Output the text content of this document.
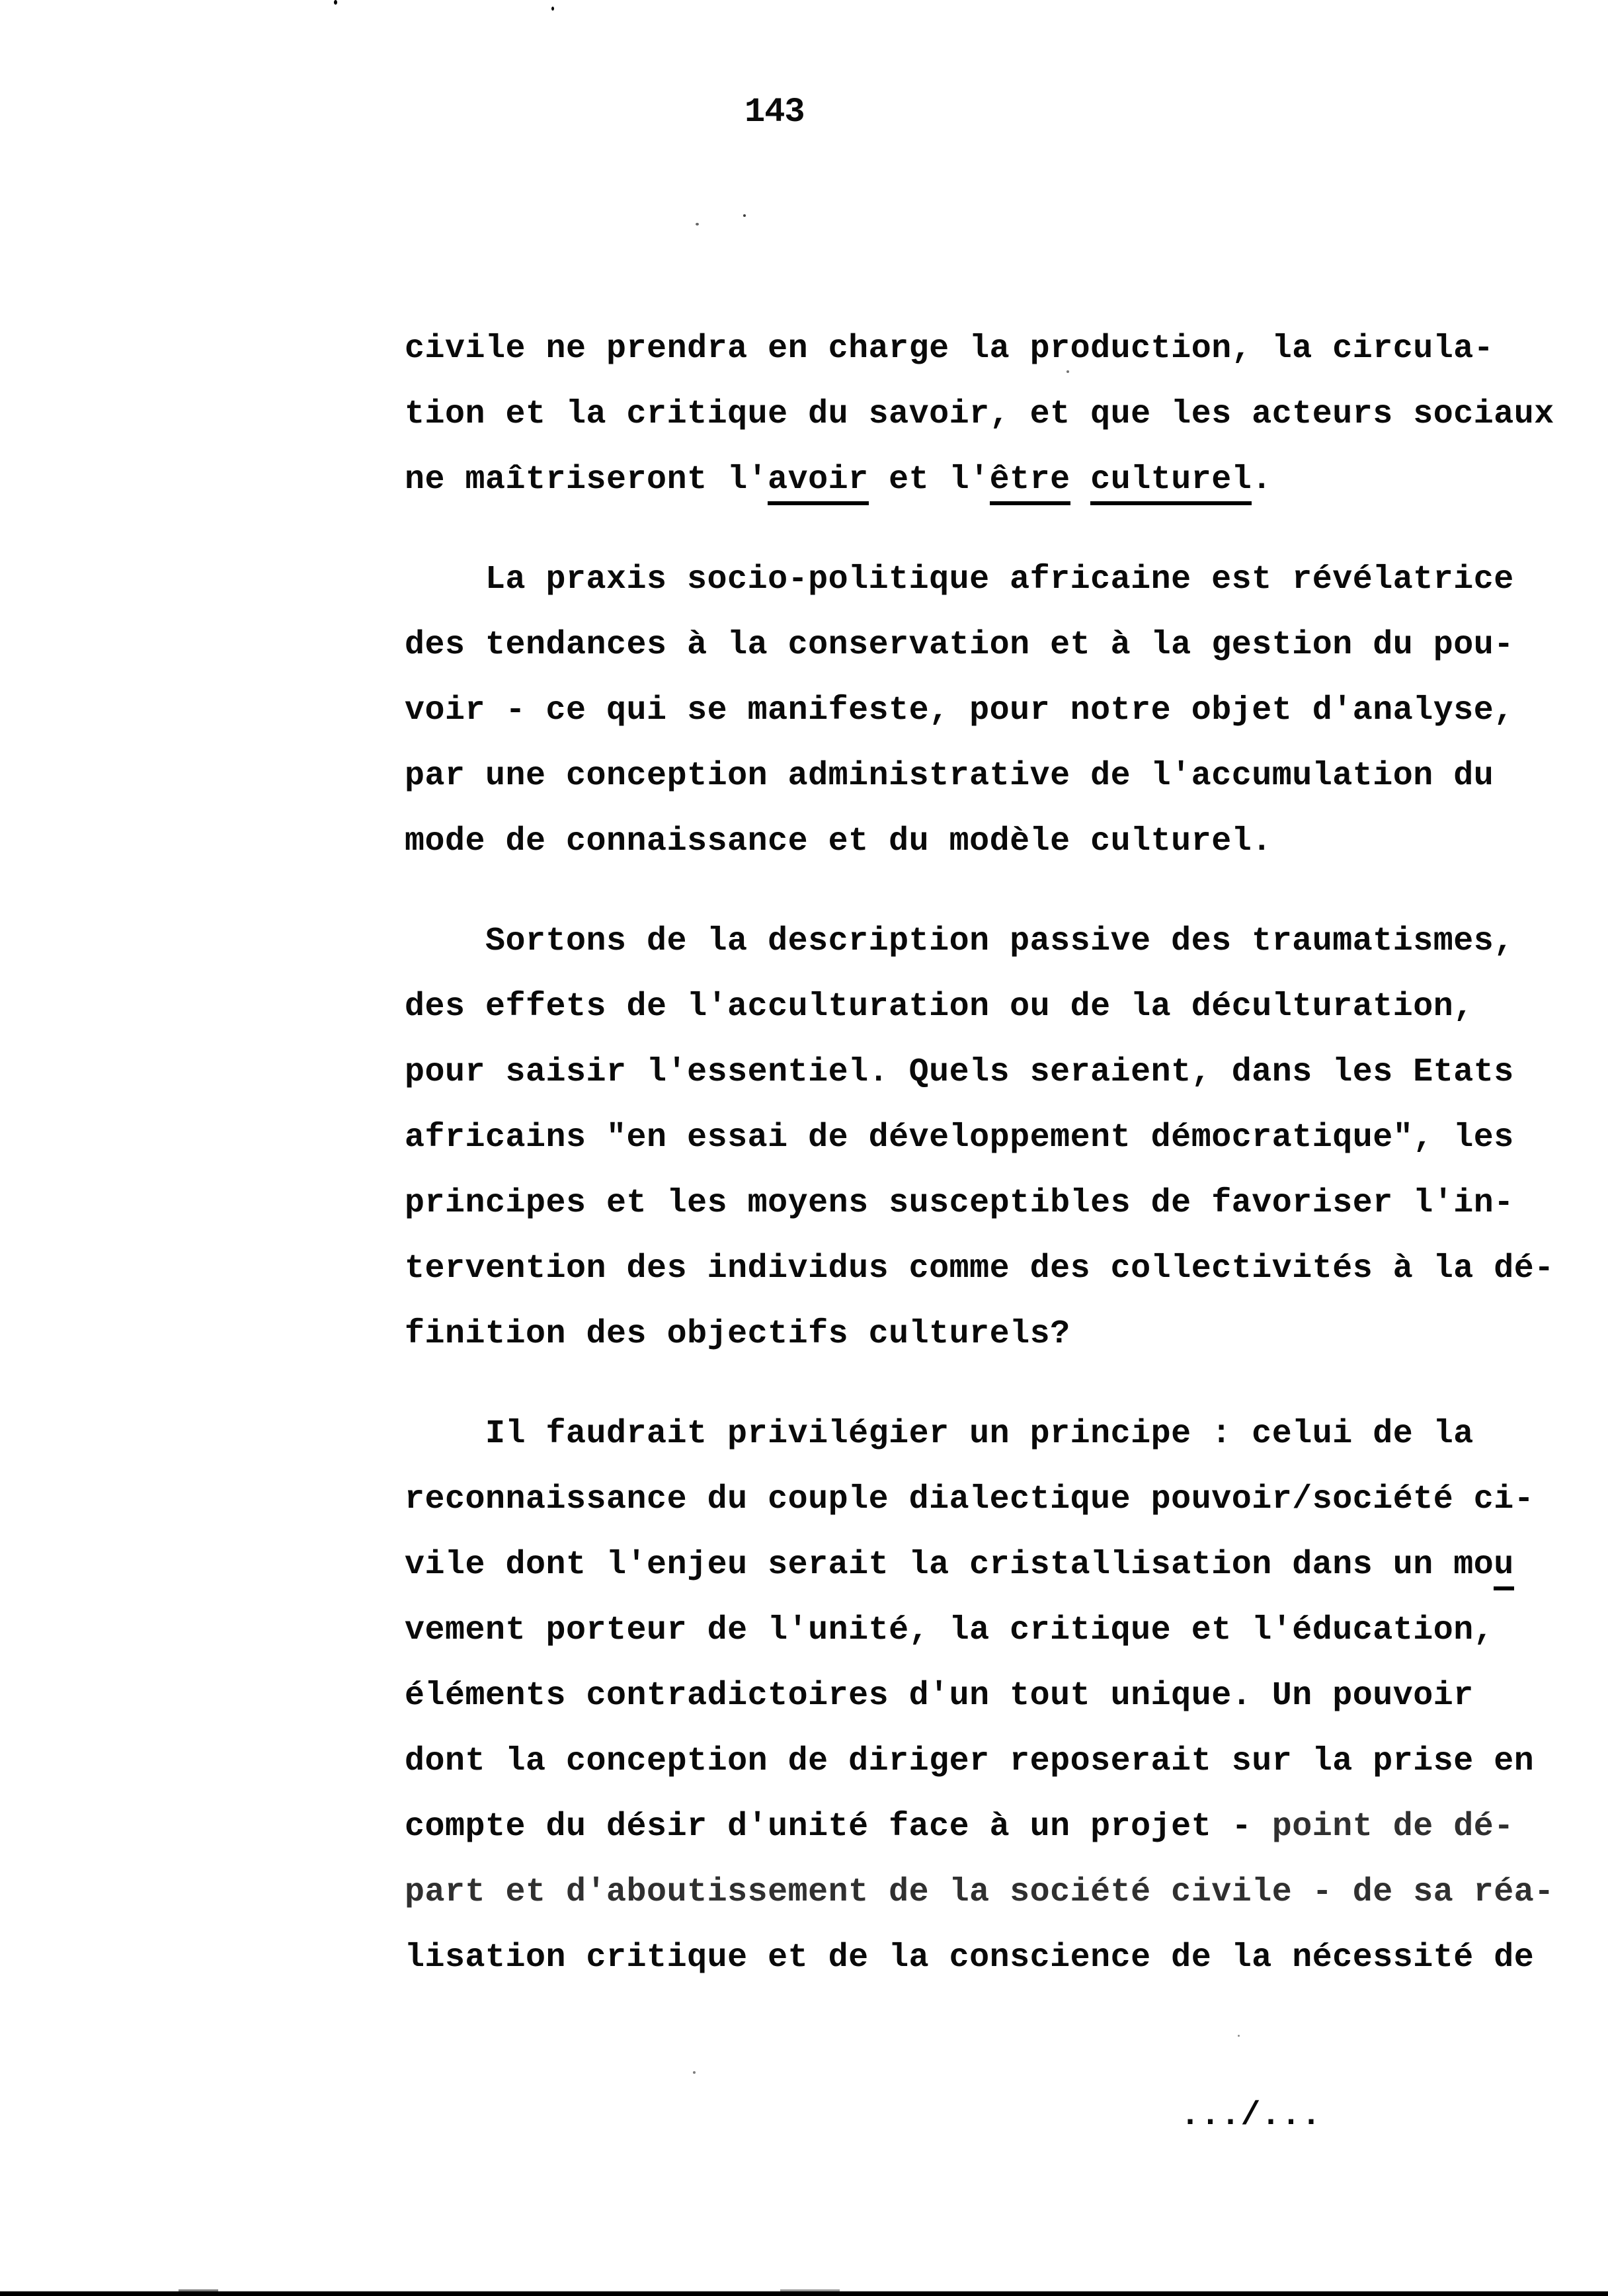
143

civile ne prendra en charge la production, la circula-
tion et la critique du savoir, et que les acteurs sociaux
ne maîtriseront l'avoir et l'être culturel.

La praxis socio-politique africaine est révélatrice
des tendances à la conservation et à la gestion du pou-
voir - ce qui se manifeste, pour notre objet d'analyse,
par une conception administrative de l'accumulation du
mode de connaissance et du modèle culturel.

Sortons de la description passive des traumatismes,
des effets de l'acculturation ou de la déculturation,
pour saisir l'essentiel. Quels seraient, dans les Etats
africains "en essai de développement démocratique", les
principes et les moyens susceptibles de favoriser l'in-
tervention des individus comme des collectivités à la dé-
finition des objectifs culturels?

Il faudrait privilégier un principe : celui de la
reconnaissance du couple dialectique pouvoir/société ci-
vile dont l'enjeu serait la cristallisation dans un mou
vement porteur de l'unité, la critique et l'éducation,
éléments contradictoires d'un tout unique. Un pouvoir
dont la conception de diriger reposerait sur la prise en
compte du désir d'unité face à un projet - point de dé-
part et d'aboutissement de la société civile - de sa réa-
lisation critique et de la conscience de la nécessité de

.../...
